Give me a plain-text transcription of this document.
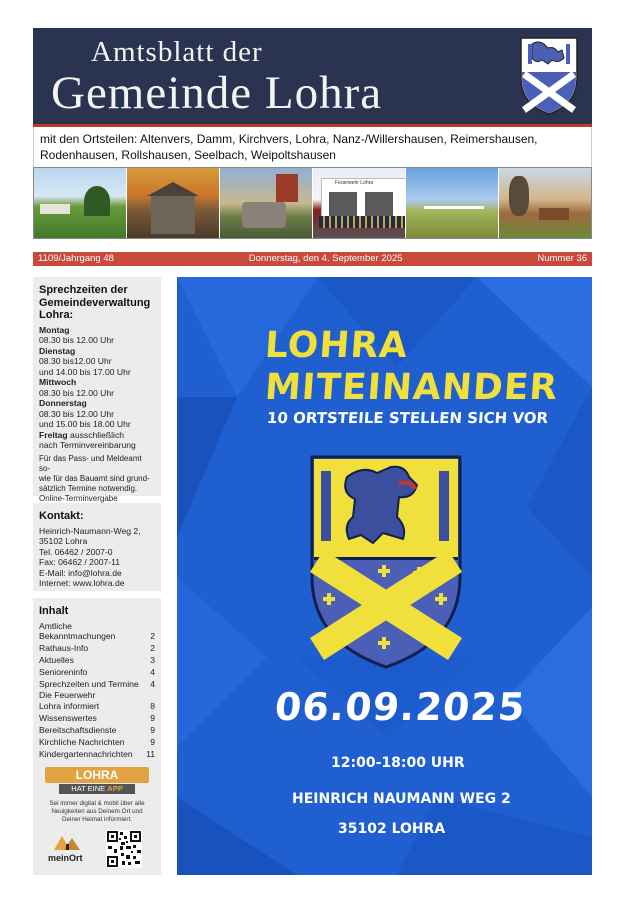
Amtsblatt der
Gemeinde Lohra
mit den Ortsteilen: Altenvers, Damm, Kirchvers, Lohra, Nanz-/Willershausen, Reimershausen, Rodenhausen, Rollshausen, Seelbach, Weipoltshausen
Feuerwehr Lohra
1109/Jahrgang 48	Donnerstag, den 4. September 2025	Nummer 36
Sprechzeiten der Gemeindeverwaltung Lohra:
Montag
08.30 bis 12.00 Uhr
Dienstag
08.30 bis12.00 Uhr
und 14.00 bis 17.00 Uhr
Mittwoch
08.30 bis 12.00 Uhr
Donnerstag
08.30 bis 12.00 Uhr
und 15.00 bis 18.00 Uhr
Freitag ausschließlich
nach Terminvereinbarung
Für das Pass- und Meldeamt so-
wie für das Bauamt sind grund-
sätzlich Termine notwendig.
Online-Terminvergabe
Kontakt:
Heinrich-Naumann-Weg 2,
35102 Lohra
Tel. 06462 / 2007-0
Fax: 06462 / 2007-11
E-Mail: info@lohra.de
Internet: www.lohra.de
Inhalt
Amtliche
Bekanntmachungen	2
Rathaus-Info	2
Aktuelles	3
Senioreninfo	4
Sprechzeiten und Termine	4
Die Feuerwehr
Lohra informiert	8
Wissenswertes	9
Bereitschaftsdienste	9
Kirchliche Nachrichten	9
Kindergartennachrichten	11
LOHRA
HAT EINE APP
Sei immer digital & mobil über alle Neuigkeiten aus Deinem Ort und Deiner Heimat informiert.
meinOrt
LOHRA
MITEINANDER
10 ORTSTEILE STELLEN SICH VOR
06.09.2025
12:00-18:00 UHR
HEINRICH NAUMANN WEG 2
35102 LOHRA
